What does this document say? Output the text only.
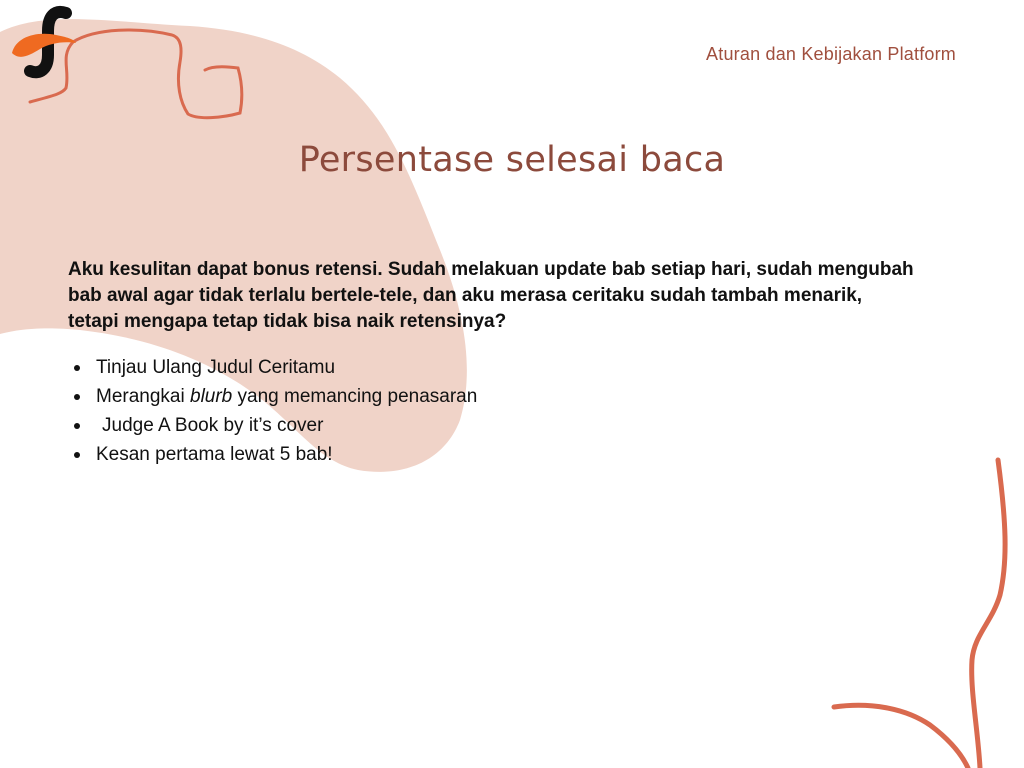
Aturan dan Kebijakan Platform
Persentase selesai baca
Aku kesulitan dapat bonus retensi. Sudah melakuan update bab setiap hari, sudah mengubah bab awal agar tidak terlalu bertele-tele, dan aku merasa ceritaku sudah tambah menarik, tetapi mengapa tetap tidak bisa naik retensinya?
Tinjau Ulang Judul Ceritamu
Merangkai blurb yang memancing penasaran
Judge A Book by it’s cover
Kesan pertama lewat 5 bab!
